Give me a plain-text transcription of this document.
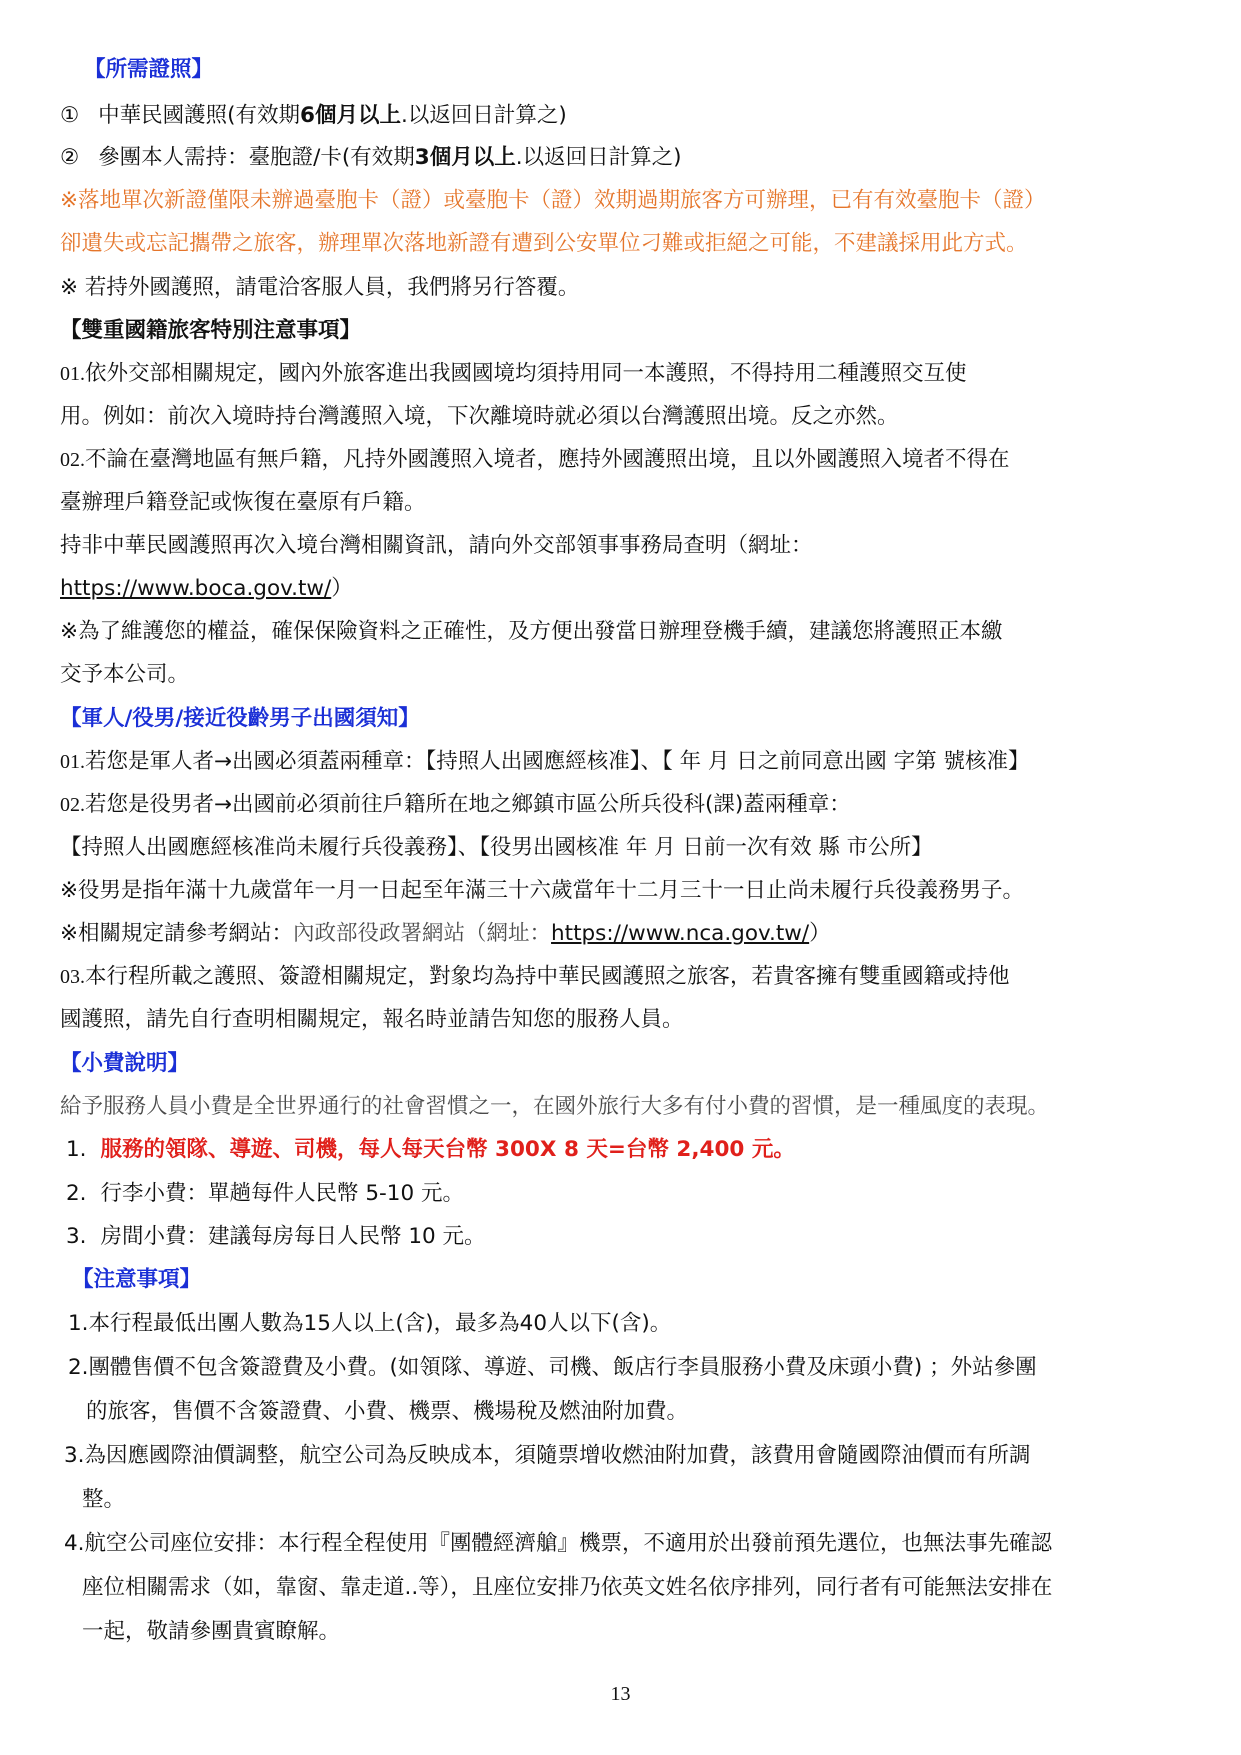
【所需證照】
① 中華民國護照(有效期6個月以上.以返回日計算之)
② 參團本人需持：臺胞證/卡(有效期3個月以上.以返回日計算之)
※落地單次新證僅限未辦過臺胞卡（證）或臺胞卡（證）效期過期旅客方可辦理，已有有效臺胞卡（證）
卻遺失或忘記攜帶之旅客，辦理單次落地新證有遭到公安單位刁難或拒絕之可能，不建議採用此方式。
※ 若持外國護照，請電洽客服人員，我們將另行答覆。
【雙重國籍旅客特別注意事項】
01.依外交部相關規定，國內外旅客進出我國國境均須持用同一本護照，不得持用二種護照交互使
用。例如：前次入境時持台灣護照入境，下次離境時就必須以台灣護照出境。反之亦然。
02.不論在臺灣地區有無戶籍，凡持外國護照入境者，應持外國護照出境，且以外國護照入境者不得在
臺辦理戶籍登記或恢復在臺原有戶籍。
持非中華民國護照再次入境台灣相關資訊，請向外交部領事事務局查明（網址：
https://www.boca.gov.tw/）
※為了維護您的權益，確保保險資料之正確性，及方便出發當日辦理登機手續，建議您將護照正本繳
交予本公司。
【軍人/役男/接近役齡男子出國須知】
01.若您是軍人者→出國必須蓋兩種章：【持照人出國應經核准】、【 年 月 日之前同意出國 字第 號核准】
02.若您是役男者→出國前必須前往戶籍所在地之鄉鎮市區公所兵役科(課)蓋兩種章：
【持照人出國應經核准尚未履行兵役義務】、【役男出國核准 年 月 日前一次有效 縣 市公所】
※役男是指年滿十九歲當年一月一日起至年滿三十六歲當年十二月三十一日止尚未履行兵役義務男子。
※相關規定請參考網站：內政部役政署網站（網址：https://www.nca.gov.tw/）
03.本行程所載之護照、簽證相關規定，對象均為持中華民國護照之旅客，若貴客擁有雙重國籍或持他
國護照，請先自行查明相關規定，報名時並請告知您的服務人員。
【小費說明】
給予服務人員小費是全世界通行的社會習慣之一，在國外旅行大多有付小費的習慣，是一種風度的表現。
1. 服務的領隊、導遊、司機，每人每天台幣 300X 8 天=台幣 2,400 元。
2. 行李小費：單趟每件人民幣 5-10 元。
3. 房間小費：建議每房每日人民幣 10 元。
【注意事項】
1.本行程最低出團人數為15人以上(含)，最多為40人以下(含)。
2.團體售價不包含簽證費及小費。(如領隊、導遊、司機、飯店行李員服務小費及床頭小費) ；外站參團
的旅客，售價不含簽證費、小費、機票、機場稅及燃油附加費。
3.為因應國際油價調整，航空公司為反映成本，須隨票增收燃油附加費，該費用會隨國際油價而有所調
整。
4.航空公司座位安排：本行程全程使用『團體經濟艙』機票，不適用於出發前預先選位，也無法事先確認
座位相關需求（如，靠窗、靠走道..等），且座位安排乃依英文姓名依序排列，同行者有可能無法安排在
一起，敬請參團貴賓瞭解。
13
